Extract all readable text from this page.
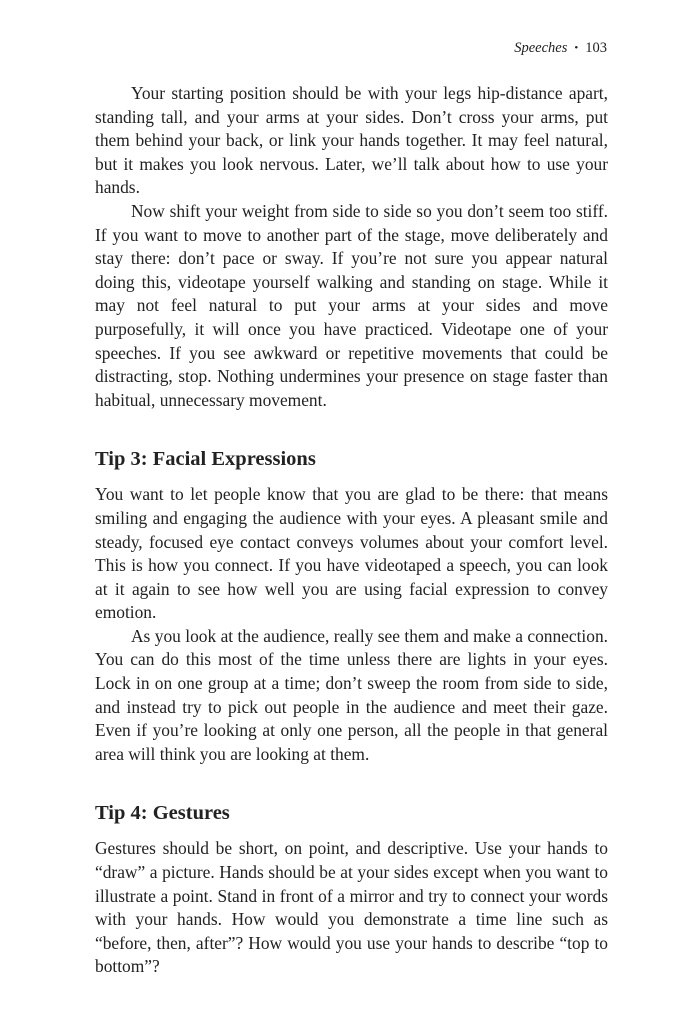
Speeches • 103

Your starting position should be with your legs hip-distance apart, standing tall, and your arms at your sides. Don’t cross your arms, put them behind your back, or link your hands together. It may feel natural, but it makes you look nervous. Later, we’ll talk about how to use your hands.

Now shift your weight from side to side so you don’t seem too stiff. If you want to move to another part of the stage, move deliberately and stay there: don’t pace or sway. If you’re not sure you appear natural doing this, videotape yourself walking and standing on stage. While it may not feel natural to put your arms at your sides and move purposefully, it will once you have practiced. Videotape one of your speeches. If you see awkward or repetitive movements that could be distracting, stop. Nothing undermines your presence on stage faster than habitual, unnecessary movement.

Tip 3: Facial Expressions

You want to let people know that you are glad to be there: that means smiling and engaging the audience with your eyes. A pleasant smile and steady, focused eye contact conveys volumes about your comfort level. This is how you connect. If you have videotaped a speech, you can look at it again to see how well you are using facial expression to convey emotion.

As you look at the audience, really see them and make a connection. You can do this most of the time unless there are lights in your eyes. Lock in on one group at a time; don’t sweep the room from side to side, and instead try to pick out people in the audience and meet their gaze. Even if you’re looking at only one person, all the people in that general area will think you are looking at them.

Tip 4: Gestures

Gestures should be short, on point, and descriptive. Use your hands to “draw” a picture. Hands should be at your sides except when you want to illustrate a point. Stand in front of a mirror and try to connect your words with your hands. How would you demonstrate a time line such as “before, then, after”? How would you use your hands to describe “top to bottom”?
